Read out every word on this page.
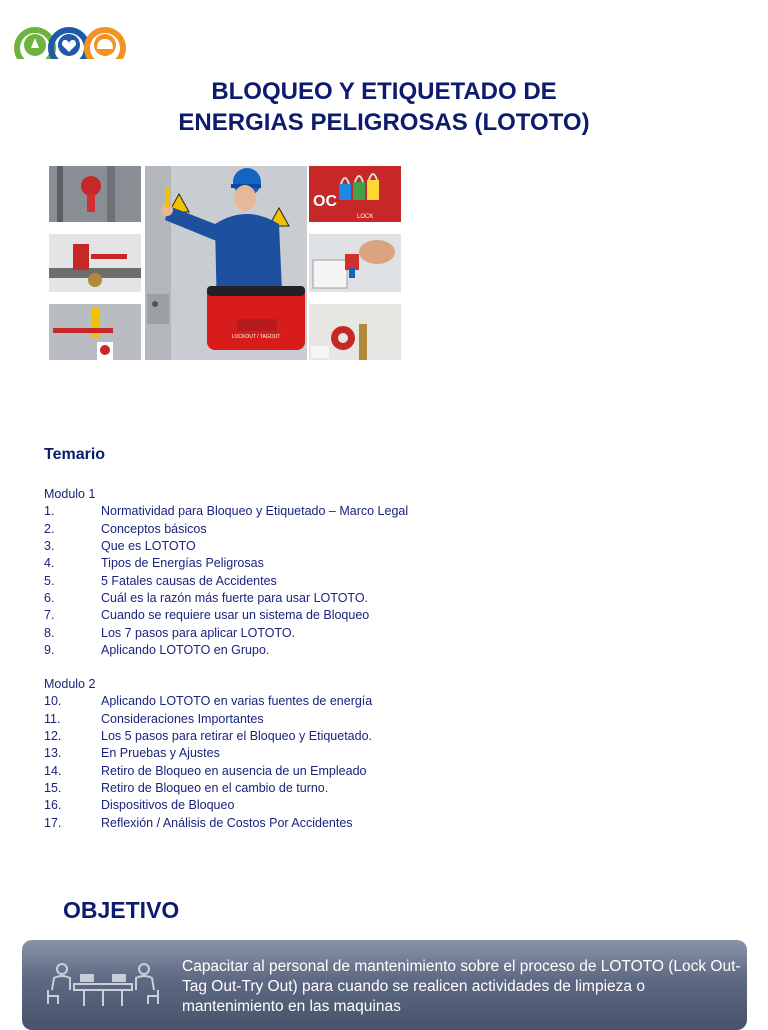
BLOQUEO Y ETIQUETADO DE
ENERGIAS PELIGROSAS (LOTOTO)
LOCKOUT / TAGOUT
OC
LOCK
Temario
Modulo 1
1.	Normatividad para Bloqueo y Etiquetado – Marco Legal
2.	Conceptos básicos
3.	Que es LOTOTO
4.	Tipos de Energías Peligrosas
5.	5 Fatales causas de Accidentes
6.	Cuál es la razón más fuerte para usar LOTOTO.
7.	Cuando se requiere usar un sistema de Bloqueo
8.	Los 7 pasos para aplicar LOTOTO.
9.	Aplicando LOTOTO en Grupo.
Modulo 2
10.	Aplicando LOTOTO en varias fuentes de energía
11.	Consideraciones Importantes
12.	Los 5 pasos para retirar el Bloqueo y Etiquetado.
13.	En Pruebas y Ajustes
14.	Retiro de Bloqueo en ausencia de un Empleado
15.	Retiro de Bloqueo en el cambio de turno.
16.	Dispositivos de Bloqueo
17.	Reflexión / Análisis de Costos Por Accidentes
OBJETIVO
Capacitar al personal de mantenimiento sobre el proceso de LOTOTO (Lock Out-Tag Out-Try Out) para cuando se realicen actividades de limpieza o mantenimiento en las maquinas
